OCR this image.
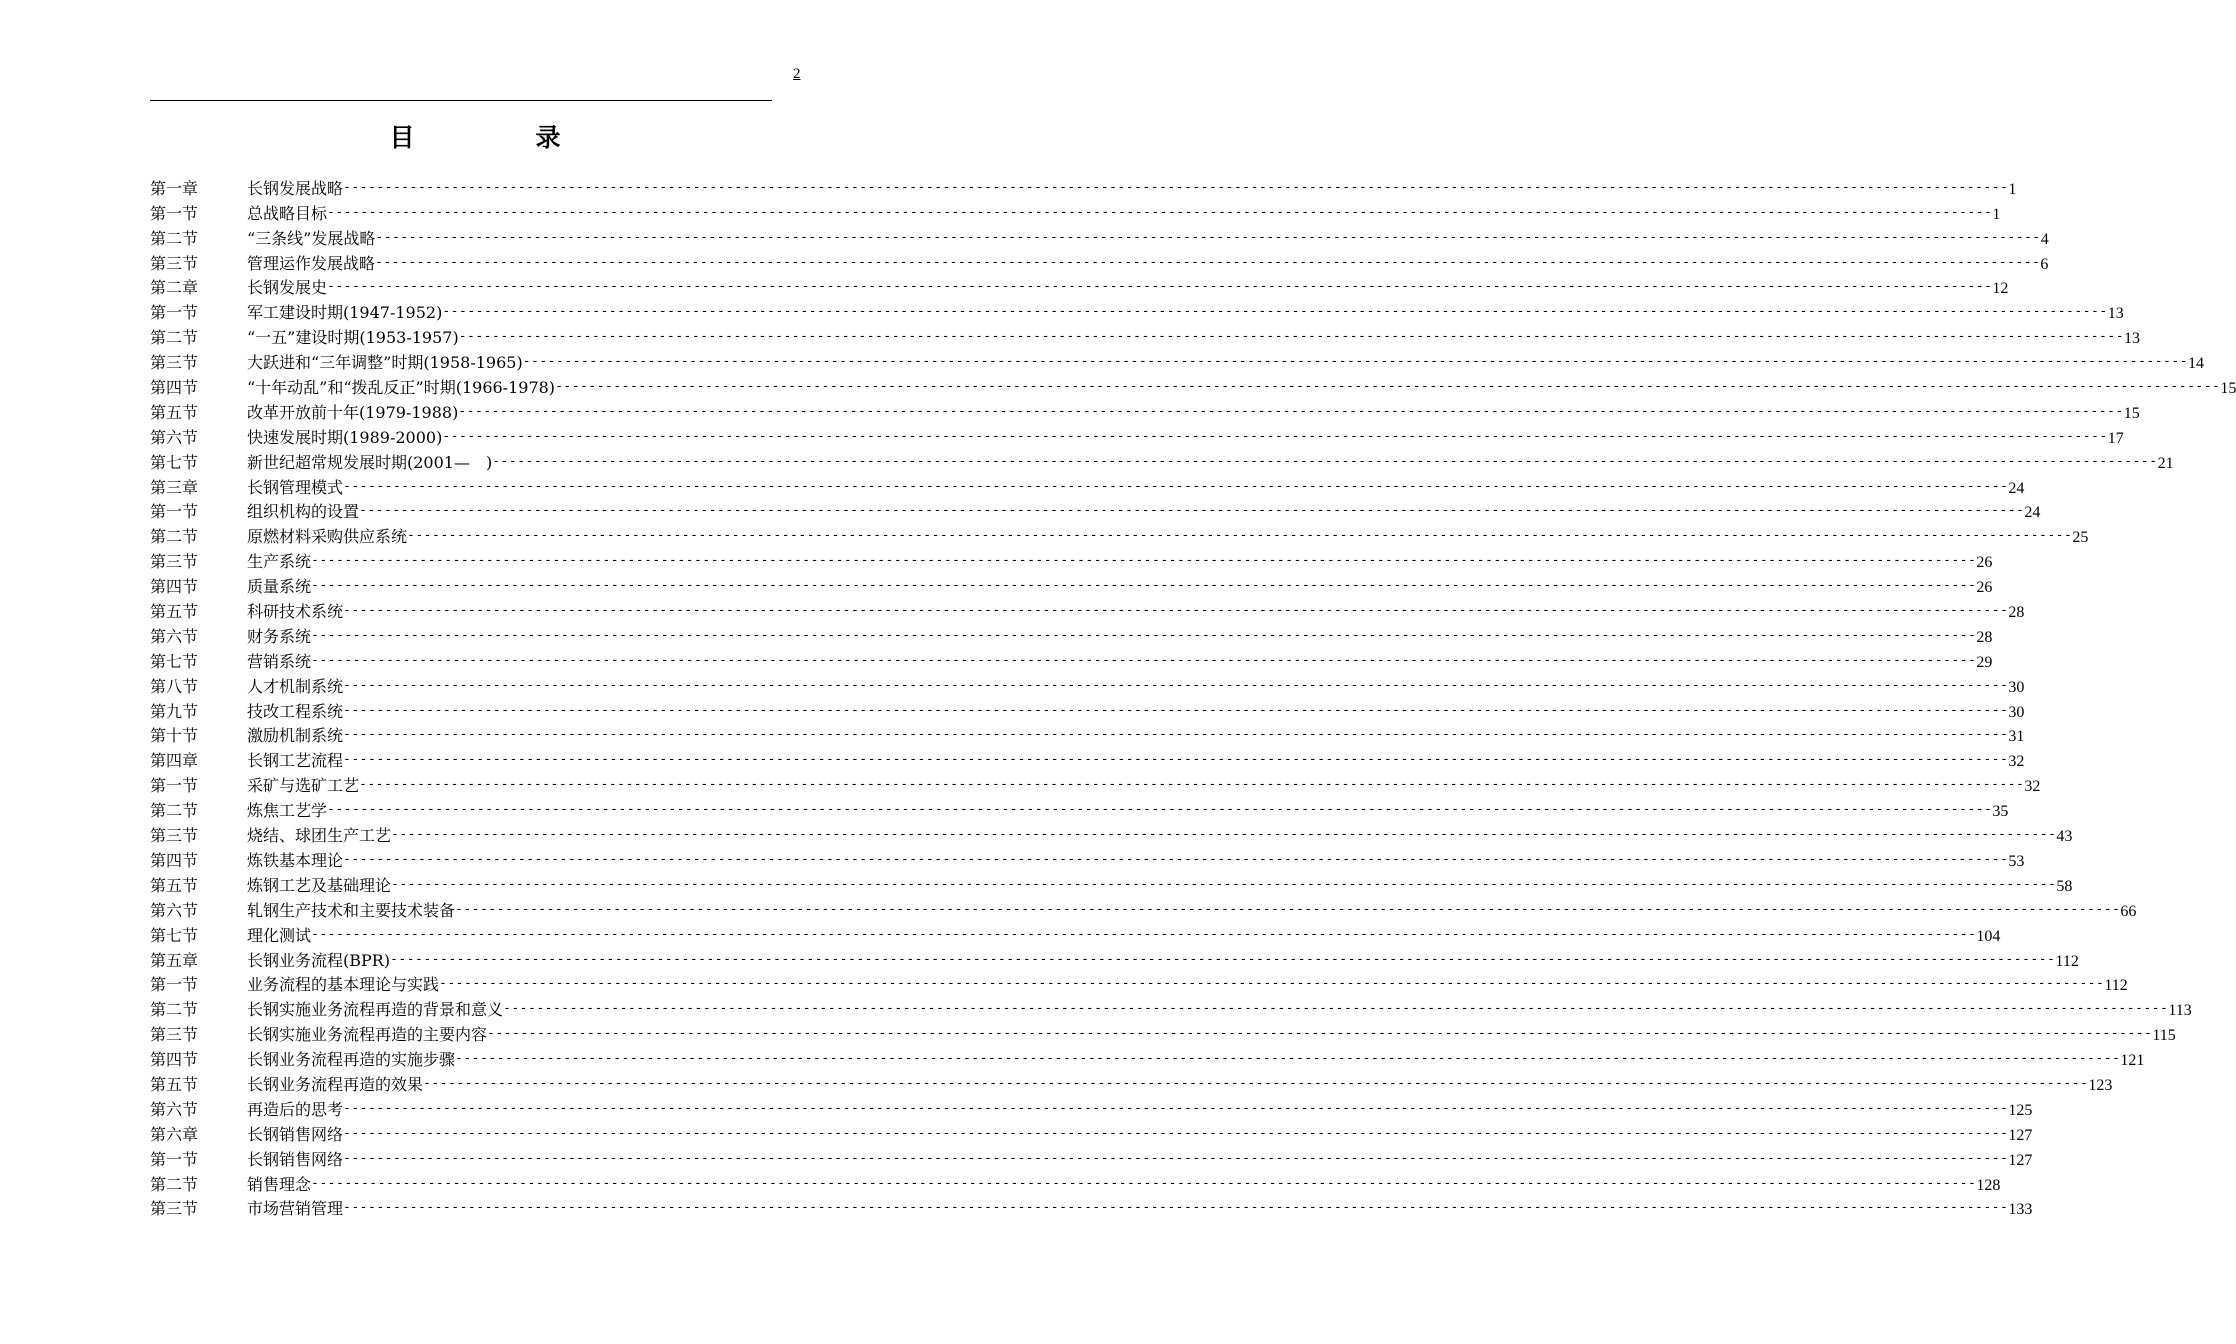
2
目　录
第一章	长钢发展战略 -------------------------------------------------------------------------------------------------------------------------------------------------------------------------------------------------------- 1
第一节	总战略目标 -------------------------------------------------------------------------------------------------------------------------------------------------------------------------------------------------------- 1
第二节	“三条线”发展战略 -------------------------------------------------------------------------------------------------------------------------------------------------------------------------------------------------------- 4
第三节	管理运作发展战略 -------------------------------------------------------------------------------------------------------------------------------------------------------------------------------------------------------- 6
第二章	长钢发展史 -------------------------------------------------------------------------------------------------------------------------------------------------------------------------------------------------------- 12
第一节	军工建设时期(1947-1952) -------------------------------------------------------------------------------------------------------------------------------------------------------------------------------------------------------- 13
第二节	“一五”建设时期(1953-1957) -------------------------------------------------------------------------------------------------------------------------------------------------------------------------------------------------------- 13
第三节	大跃进和“三年调整”时期(1958-1965) -------------------------------------------------------------------------------------------------------------------------------------------------------------------------------------------------------- 14
第四节	“十年动乱”和“拨乱反正”时期(1966-1978) -------------------------------------------------------------------------------------------------------------------------------------------------------------------------------------------------------- 15
第五节	改革开放前十年(1979-1988) -------------------------------------------------------------------------------------------------------------------------------------------------------------------------------------------------------- 15
第六节	快速发展时期(1989-2000) -------------------------------------------------------------------------------------------------------------------------------------------------------------------------------------------------------- 17
第七节	新世纪超常规发展时期(2001—　) -------------------------------------------------------------------------------------------------------------------------------------------------------------------------------------------------------- 21
第三章	长钢管理模式 -------------------------------------------------------------------------------------------------------------------------------------------------------------------------------------------------------- 24
第一节	组织机构的设置 -------------------------------------------------------------------------------------------------------------------------------------------------------------------------------------------------------- 24
第二节	原燃材料采购供应系统 -------------------------------------------------------------------------------------------------------------------------------------------------------------------------------------------------------- 25
第三节	生产系统 -------------------------------------------------------------------------------------------------------------------------------------------------------------------------------------------------------- 26
第四节	质量系统 -------------------------------------------------------------------------------------------------------------------------------------------------------------------------------------------------------- 26
第五节	科研技术系统 -------------------------------------------------------------------------------------------------------------------------------------------------------------------------------------------------------- 28
第六节	财务系统 -------------------------------------------------------------------------------------------------------------------------------------------------------------------------------------------------------- 28
第七节	营销系统 -------------------------------------------------------------------------------------------------------------------------------------------------------------------------------------------------------- 29
第八节	人才机制系统 -------------------------------------------------------------------------------------------------------------------------------------------------------------------------------------------------------- 30
第九节	技改工程系统 -------------------------------------------------------------------------------------------------------------------------------------------------------------------------------------------------------- 30
第十节	激励机制系统 -------------------------------------------------------------------------------------------------------------------------------------------------------------------------------------------------------- 31
第四章	长钢工艺流程 -------------------------------------------------------------------------------------------------------------------------------------------------------------------------------------------------------- 32
第一节	采矿与选矿工艺 -------------------------------------------------------------------------------------------------------------------------------------------------------------------------------------------------------- 32
第二节	炼焦工艺学 -------------------------------------------------------------------------------------------------------------------------------------------------------------------------------------------------------- 35
第三节	烧结、球团生产工艺 -------------------------------------------------------------------------------------------------------------------------------------------------------------------------------------------------------- 43
第四节	炼铁基本理论 -------------------------------------------------------------------------------------------------------------------------------------------------------------------------------------------------------- 53
第五节	炼钢工艺及基础理论 -------------------------------------------------------------------------------------------------------------------------------------------------------------------------------------------------------- 58
第六节	轧钢生产技术和主要技术装备 -------------------------------------------------------------------------------------------------------------------------------------------------------------------------------------------------------- 66
第七节	理化测试 -------------------------------------------------------------------------------------------------------------------------------------------------------------------------------------------------------- 104
第五章	长钢业务流程(BPR) -------------------------------------------------------------------------------------------------------------------------------------------------------------------------------------------------------- 112
第一节	业务流程的基本理论与实践 -------------------------------------------------------------------------------------------------------------------------------------------------------------------------------------------------------- 112
第二节	长钢实施业务流程再造的背景和意义 -------------------------------------------------------------------------------------------------------------------------------------------------------------------------------------------------------- 113
第三节	长钢实施业务流程再造的主要内容 -------------------------------------------------------------------------------------------------------------------------------------------------------------------------------------------------------- 115
第四节	长钢业务流程再造的实施步骤 -------------------------------------------------------------------------------------------------------------------------------------------------------------------------------------------------------- 121
第五节	长钢业务流程再造的效果 -------------------------------------------------------------------------------------------------------------------------------------------------------------------------------------------------------- 123
第六节	再造后的思考 -------------------------------------------------------------------------------------------------------------------------------------------------------------------------------------------------------- 125
第六章	长钢销售网络 -------------------------------------------------------------------------------------------------------------------------------------------------------------------------------------------------------- 127
第一节	长钢销售网络 -------------------------------------------------------------------------------------------------------------------------------------------------------------------------------------------------------- 127
第二节	销售理念 -------------------------------------------------------------------------------------------------------------------------------------------------------------------------------------------------------- 128
第三节	市场营销管理 -------------------------------------------------------------------------------------------------------------------------------------------------------------------------------------------------------- 133
